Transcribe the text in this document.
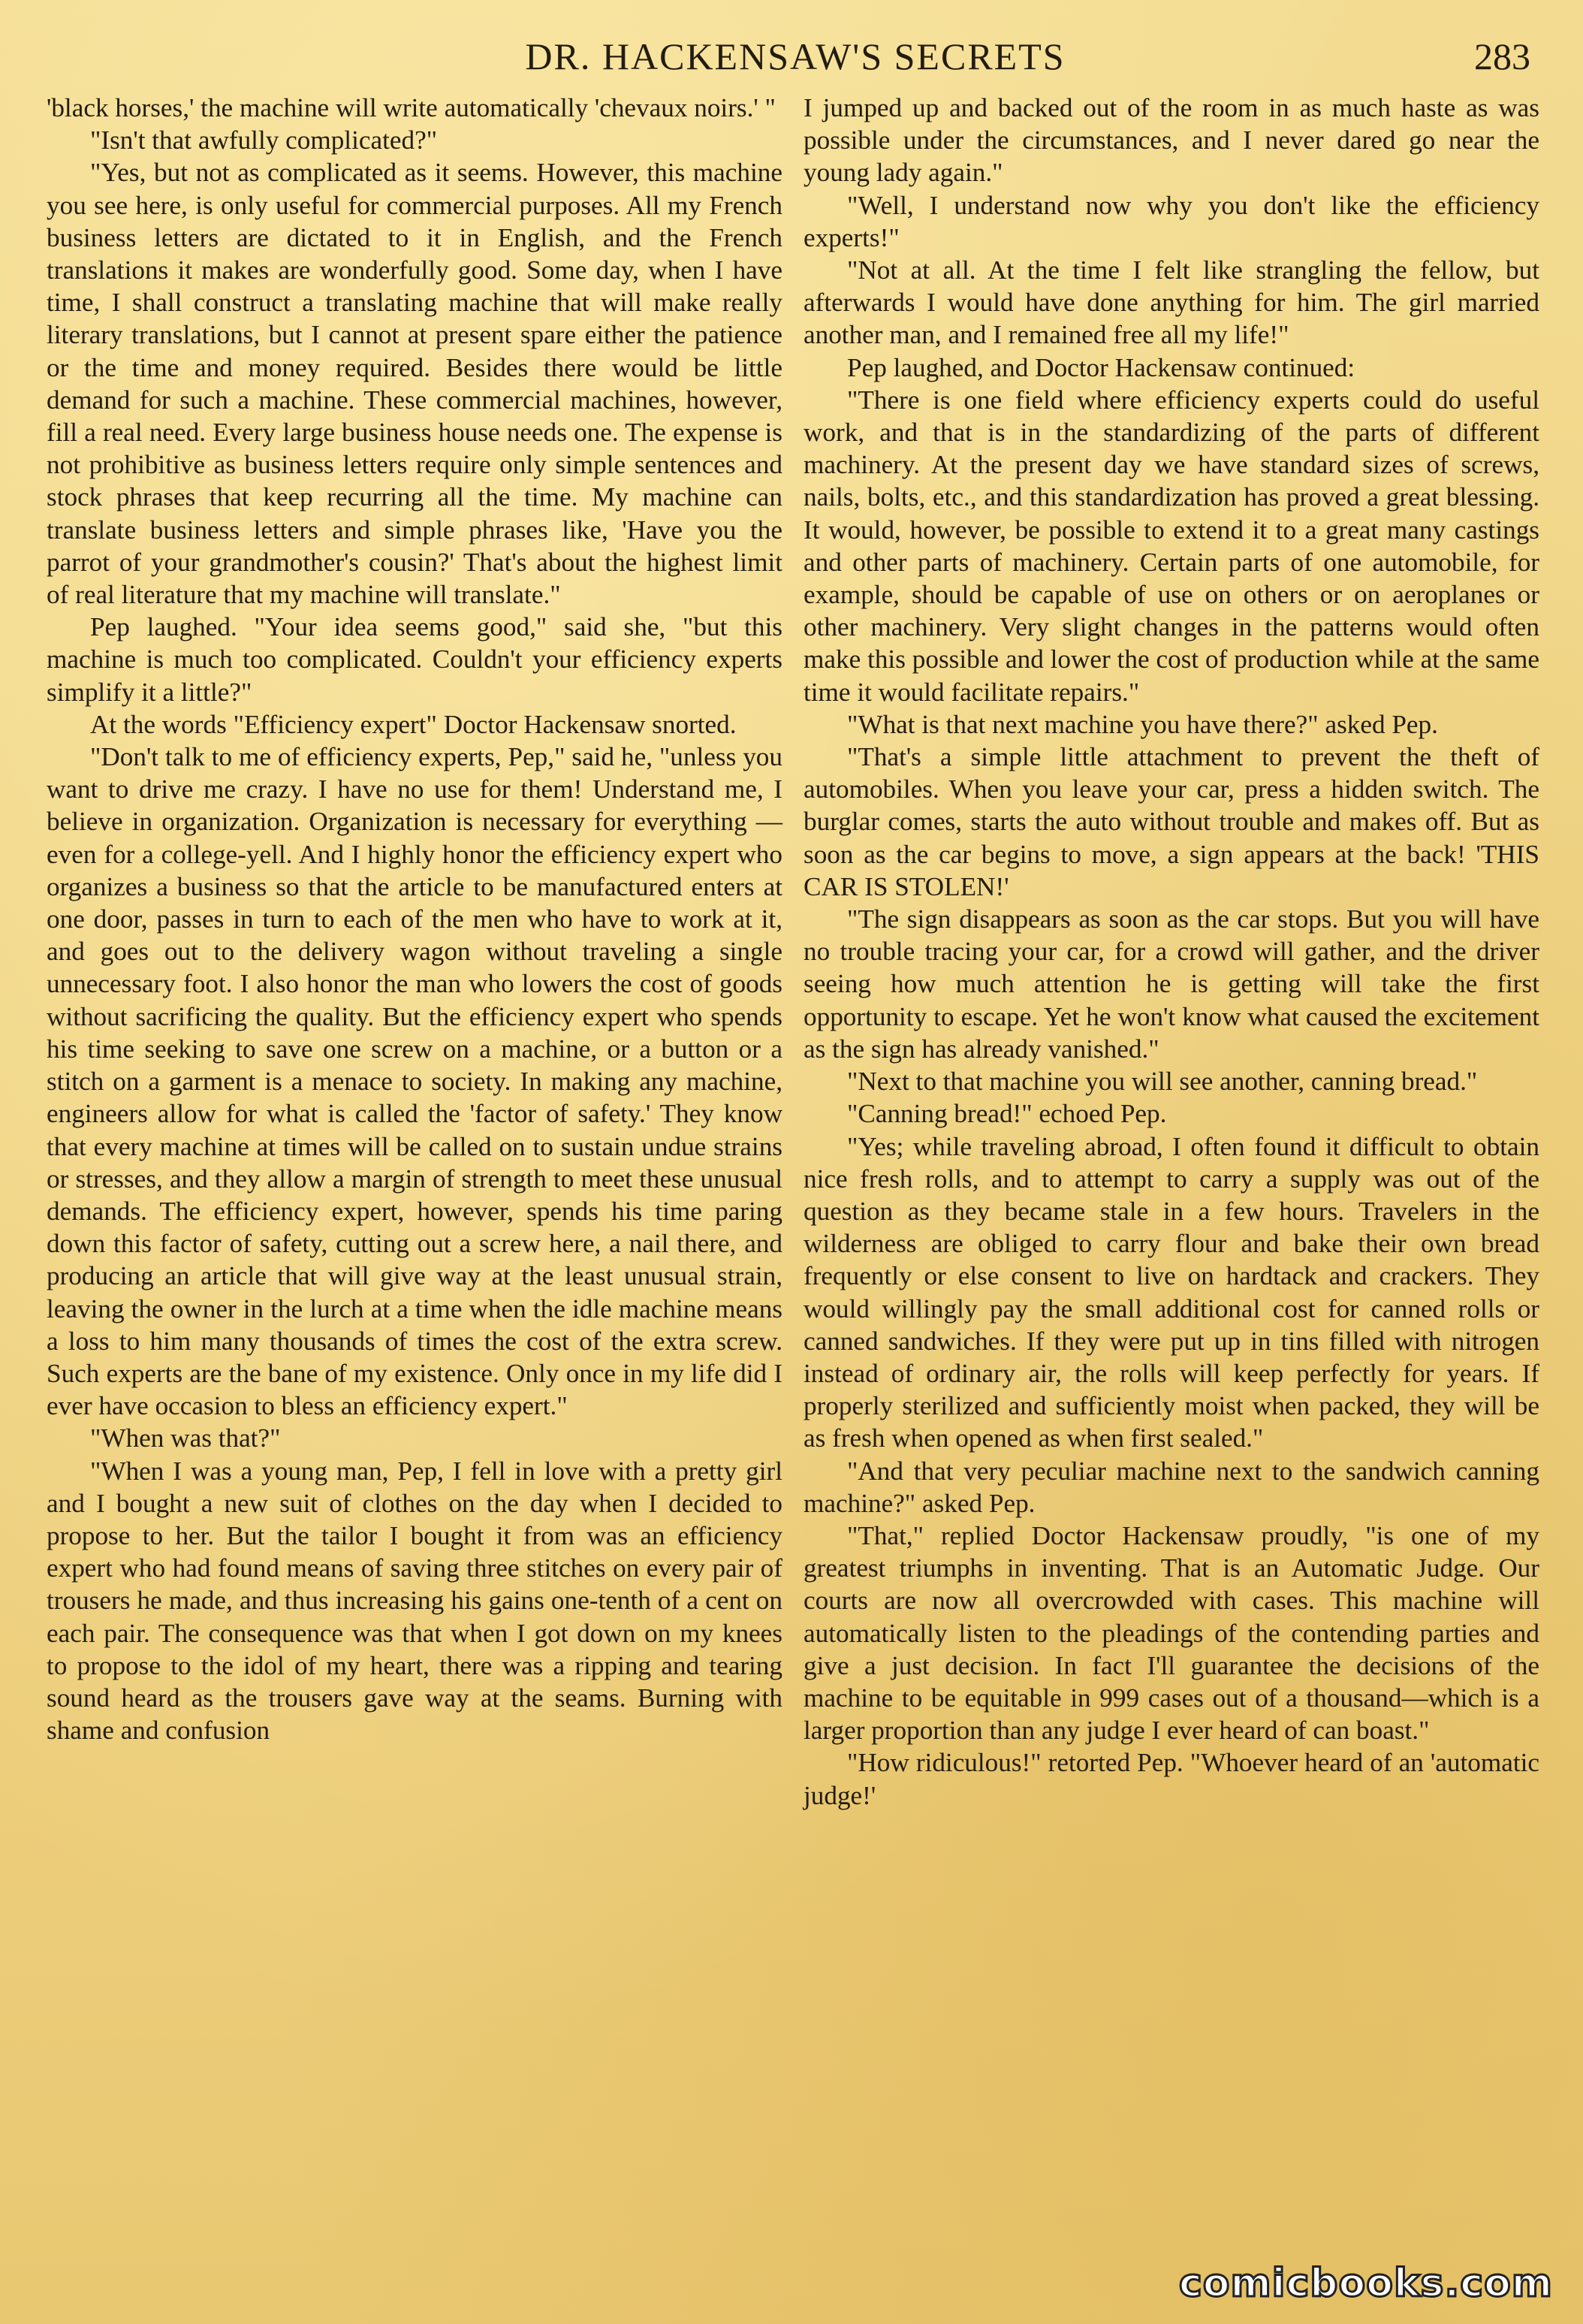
DR. HACKENSAW'S SECRETS	283

'black horses,' the machine will write automatically 'chevaux noirs.' "

"Isn't that awfully complicated?"

"Yes, but not as complicated as it seems. However, this machine you see here, is only useful for commercial purposes. All my French business letters are dictated to it in English, and the French translations it makes are wonderfully good. Some day, when I have time, I shall construct a translating machine that will make really literary translations, but I cannot at present spare either the patience or the time and money required. Besides there would be little demand for such a machine. These commercial machines, however, fill a real need. Every large business house needs one. The expense is not prohibitive as business letters require only simple sentences and stock phrases that keep recurring all the time. My machine can translate business letters and simple phrases like, 'Have you the parrot of your grandmother's cousin?' That's about the highest limit of real literature that my machine will translate."

Pep laughed. "Your idea seems good," said she, "but this machine is much too complicated. Couldn't your efficiency experts simplify it a little?"

At the words "Efficiency expert" Doctor Hackensaw snorted.

"Don't talk to me of efficiency experts, Pep," said he, "unless you want to drive me crazy. I have no use for them! Understand me, I believe in organization. Organization is necessary for everything —even for a college-yell. And I highly honor the efficiency expert who organizes a business so that the article to be manufactured enters at one door, passes in turn to each of the men who have to work at it, and goes out to the delivery wagon without traveling a single unnecessary foot. I also honor the man who lowers the cost of goods without sacrificing the quality. But the efficiency expert who spends his time seeking to save one screw on a machine, or a button or a stitch on a garment is a menace to society. In making any machine, engineers allow for what is called the 'factor of safety.' They know that every machine at times will be called on to sustain undue strains or stresses, and they allow a margin of strength to meet these unusual demands. The efficiency expert, however, spends his time paring down this factor of safety, cutting out a screw here, a nail there, and producing an article that will give way at the least unusual strain, leaving the owner in the lurch at a time when the idle machine means a loss to him many thousands of times the cost of the extra screw. Such experts are the bane of my existence. Only once in my life did I ever have occasion to bless an efficiency expert."

"When was that?"

"When I was a young man, Pep, I fell in love with a pretty girl and I bought a new suit of clothes on the day when I decided to propose to her. But the tailor I bought it from was an efficiency expert who had found means of saving three stitches on every pair of trousers he made, and thus increasing his gains one-tenth of a cent on each pair. The consequence was that when I got down on my knees to propose to the idol of my heart, there was a ripping and tearing sound heard as the trousers gave way at the seams. Burning with shame and confusion

I jumped up and backed out of the room in as much haste as was possible under the circumstances, and I never dared go near the young lady again."

"Well, I understand now why you don't like the efficiency experts!"

"Not at all. At the time I felt like strangling the fellow, but afterwards I would have done anything for him. The girl married another man, and I remained free all my life!"

Pep laughed, and Doctor Hackensaw continued:

"There is one field where efficiency experts could do useful work, and that is in the standardizing of the parts of different machinery. At the present day we have standard sizes of screws, nails, bolts, etc., and this standardization has proved a great blessing. It would, however, be possible to extend it to a great many castings and other parts of machinery. Certain parts of one automobile, for example, should be capable of use on others or on aeroplanes or other machinery. Very slight changes in the patterns would often make this possible and lower the cost of production while at the same time it would facilitate repairs."

"What is that next machine you have there?" asked Pep.

"That's a simple little attachment to prevent the theft of automobiles. When you leave your car, press a hidden switch. The burglar comes, starts the auto without trouble and makes off. But as soon as the car begins to move, a sign appears at the back! 'THIS CAR IS STOLEN!'

"The sign disappears as soon as the car stops. But you will have no trouble tracing your car, for a crowd will gather, and the driver seeing how much attention he is getting will take the first opportunity to escape. Yet he won't know what caused the excitement as the sign has already vanished."

"Next to that machine you will see another, canning bread."

"Canning bread!" echoed Pep.

"Yes; while traveling abroad, I often found it difficult to obtain nice fresh rolls, and to attempt to carry a supply was out of the question as they became stale in a few hours. Travelers in the wilderness are obliged to carry flour and bake their own bread frequently or else consent to live on hardtack and crackers. They would willingly pay the small additional cost for canned rolls or canned sandwiches. If they were put up in tins filled with nitrogen instead of ordinary air, the rolls will keep perfectly for years. If properly sterilized and sufficiently moist when packed, they will be as fresh when opened as when first sealed."

"And that very peculiar machine next to the sandwich canning machine?" asked Pep.

"That," replied Doctor Hackensaw proudly, "is one of my greatest triumphs in inventing. That is an Automatic Judge. Our courts are now all overcrowded with cases. This machine will automatically listen to the pleadings of the contending parties and give a just decision. In fact I'll guarantee the decisions of the machine to be equitable in 999 cases out of a thousand—which is a larger proportion than any judge I ever heard of can boast."

"How ridiculous!" retorted Pep. "Whoever heard of an 'automatic judge!'

comicbooks.com
